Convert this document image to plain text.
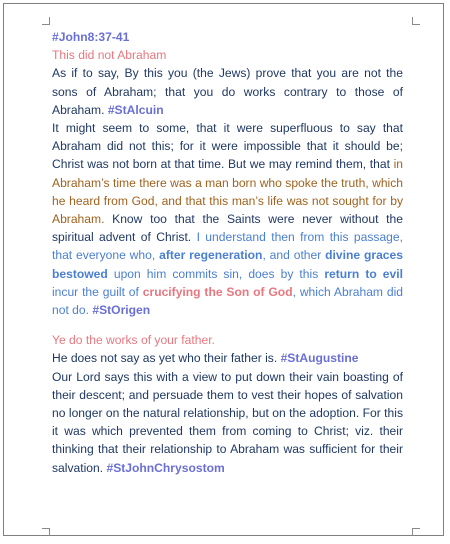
#John8:37-41

This did not Abraham

As if to say, By this you (the Jews) prove that you are not the sons of Abraham; that you do works contrary to those of Abraham. #StAlcuin

It might seem to some, that it were superfluous to say that Abraham did not this; for it were impossible that it should be; Christ was not born at that time. But we may remind them, that in Abraham’s time there was a man born who spoke the truth, which he heard from God, and that this man’s life was not sought for by Abraham. Know too that the Saints were never without the spiritual advent of Christ. I understand then from this passage, that everyone who, after regeneration, and other divine graces bestowed upon him commits sin, does by this return to evil incur the guilt of crucifying the Son of God, which Abraham did not do. #StOrigen

Ye do the works of your father.

He does not say as yet who their father is. #StAugustine

Our Lord says this with a view to put down their vain boasting of their descent; and persuade them to vest their hopes of salvation no longer on the natural relationship, but on the adoption. For this it was which prevented them from coming to Christ; viz. their thinking that their relationship to Abraham was sufficient for their salvation. #StJohnChrysostom
